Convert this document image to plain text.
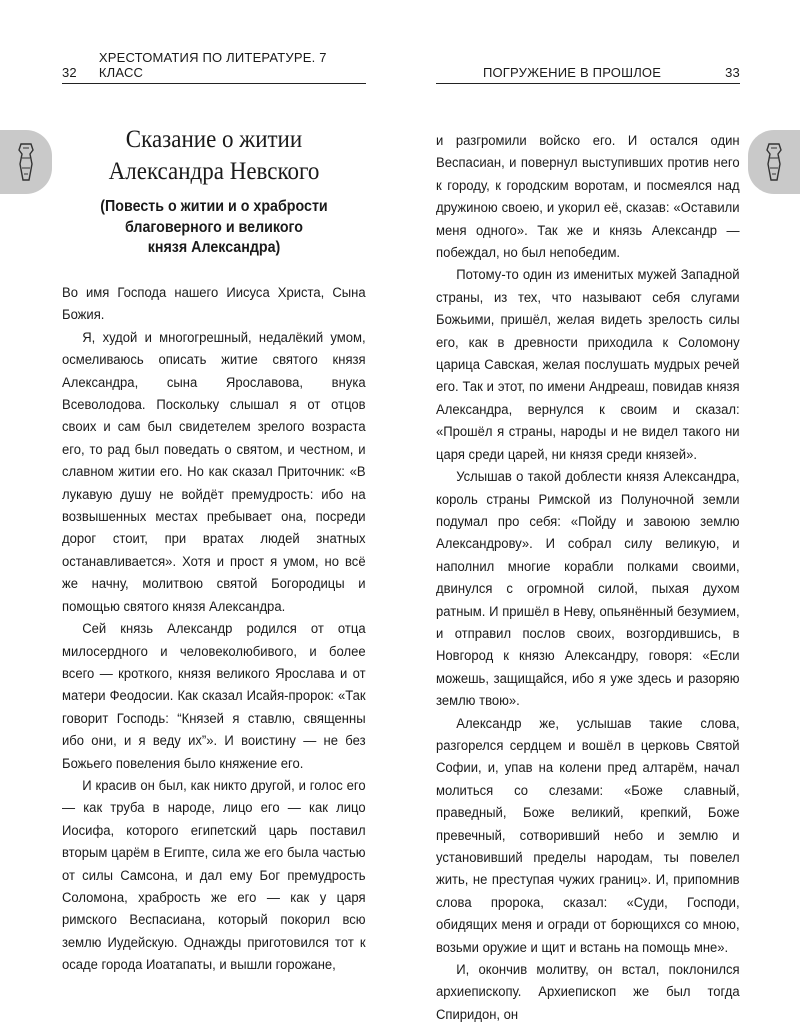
32
ХРЕСТОМАТИЯ ПО ЛИТЕРАТУРЕ. 7 КЛАСС	ПОГРУЖЕНИЕ В ПРОШЛОЕ	33
Сказание о житии
Александра Невского
(Повесть о житии и о храбрости
благоверного и великого
князя Александра)

Во имя Господа нашего Иисуса Христа, Сына Божия.

Я, худой и многогрешный, недалёкий умом, осмеливаюсь описать житие святого князя Александра, сына Ярославова, внука Всеволодова. Поскольку слышал я от отцов своих и сам был свидетелем зрелого возраста его, то рад был поведать о святом, и честном, и славном житии его. Но как сказал Приточник: «В лукавую душу не войдёт премудрость: ибо на возвышенных местах пребывает она, посреди дорог стоит, при вратах людей знатных останавливается». Хотя и прост я умом, но всё же начну, молитвою святой Богородицы и помощью святого князя Александра.

Сей князь Александр родился от отца милосердного и человеколюбивого, и более всего — кроткого, князя великого Ярослава и от матери Феодосии. Как сказал Исайя-пророк: «Так говорит Господь: “Князей я ставлю, священны ибо они, и я веду их”». И воистину — не без Божьего повеления было княжение его.

И красив он был, как никто другой, и голос его — как труба в народе, лицо его — как лицо Иосифа, которого египетский царь поставил вторым царём в Египте, сила же его была частью от силы Самсона, и дал ему Бог премудрость Соломона, храбрость же его — как у царя римского Веспасиана, который покорил всю землю Иудейскую. Однажды приготовился тот к осаде города Иоатапаты, и вышли горожане,

и разгромили войско его. И остался один Веспасиан, и повернул выступивших против него к городу, к городским воротам, и посмеялся над дружиною своею, и укорил её, сказав: «Оставили меня одного». Так же и князь Александр — побеждал, но был непобедим.

Потому-то один из именитых мужей Западной страны, из тех, что называют себя слугами Божьими, пришёл, желая видеть зрелость силы его, как в древности приходила к Соломону царица Савская, желая послушать мудрых речей его. Так и этот, по имени Андреаш, повидав князя Александра, вернулся к своим и сказал: «Прошёл я страны, народы и не видел такого ни царя среди царей, ни князя среди князей».

Услышав о такой доблести князя Александра, король страны Римской из Полуночной земли подумал про себя: «Пойду и завоюю землю Александрову». И собрал силу великую, и наполнил многие корабли полками своими, двинулся с огромной силой, пыхая духом ратным. И пришёл в Неву, опьянённый безумием, и отправил послов своих, возгордившись, в Новгород к князю Александру, говоря: «Если можешь, защищайся, ибо я уже здесь и разоряю землю твою».

Александр же, услышав такие слова, разгорелся сердцем и вошёл в церковь Святой Софии, и, упав на колени пред алтарём, начал молиться со слезами: «Боже славный, праведный, Боже великий, крепкий, Боже превечный, сотворивший небо и землю и установивший пределы народам, ты повелел жить, не преступая чужих границ». И, припомнив слова пророка, сказал: «Суди, Господи, обидящих меня и огради от борющихся со мною, возьми оружие и щит и встань на помощь мне».

И, окончив молитву, он встал, поклонился архиепископу. Архиепископ же был тогда Спиридон, он
